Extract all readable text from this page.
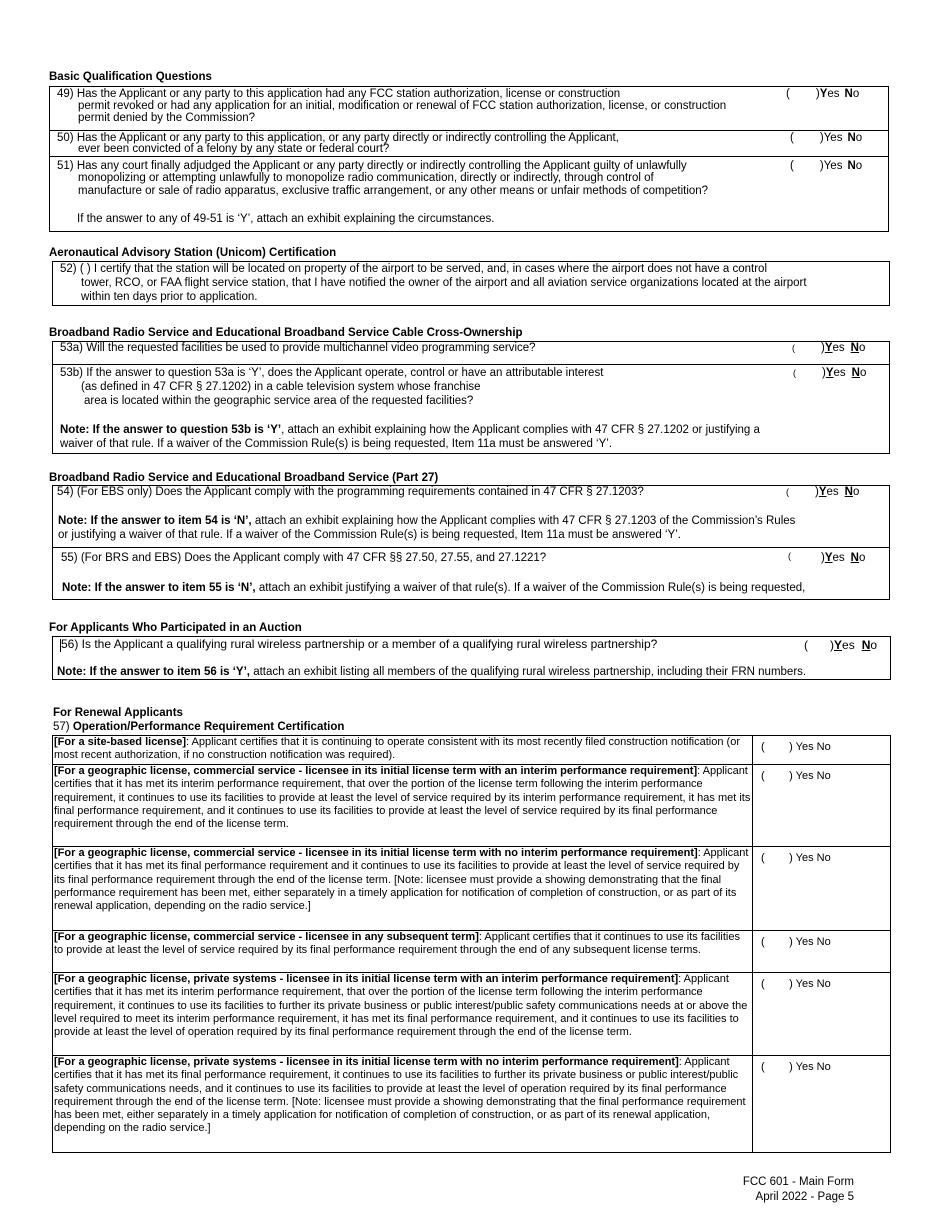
Basic Qualification Questions
49) Has the Applicant or any party to this application had any FCC station authorization, license or construction
permit revoked or had any application for an initial, modification or renewal of FCC station authorization, license, or construction
permit denied by the Commission?
( )Yes No
50) Has the Applicant or any party to this application, or any party directly or indirectly controlling the Applicant,
ever been convicted of a felony by any state or federal court?
( )Yes No
51) Has any court finally adjudged the Applicant or any party directly or indirectly controlling the Applicant guilty of unlawfully
monopolizing or attempting unlawfully to monopolize radio communication, directly or indirectly, through control of
manufacture or sale of radio apparatus, exclusive traffic arrangement, or any other means or unfair methods of competition?
If the answer to any of 49-51 is ‘Y’, attach an exhibit explaining the circumstances.
( )Yes No
Aeronautical Advisory Station (Unicom) Certification
52) ( ) I certify that the station will be located on property of the airport to be served, and, in cases where the airport does not have a control
tower, RCO, or FAA flight service station, that I have notified the owner of the airport and all aviation service organizations located at the airport
within ten days prior to application.
Broadband Radio Service and Educational Broadband Service Cable Cross-Ownership
53a) Will the requested facilities be used to provide multichannel video programming service?	( )Yes No
53b) If the answer to question 53a is ‘Y’, does the Applicant operate, control or have an attributable interest
(as defined in 47 CFR § 27.1202) in a cable television system whose franchise
area is located within the geographic service area of the requested facilities?
( )Yes No
Note: If the answer to question 53b is ‘Y’, attach an exhibit explaining how the Applicant complies with 47 CFR § 27.1202 or justifying a
waiver of that rule. If a waiver of the Commission Rule(s) is being requested, Item 11a must be answered ‘Y’.
Broadband Radio Service and Educational Broadband Service (Part 27)
54) (For EBS only) Does the Applicant comply with the programming requirements contained in 47 CFR § 27.1203?	( )Yes No
Note: If the answer to item 54 is ‘N’, attach an exhibit explaining how the Applicant complies with 47 CFR § 27.1203 of the Commission’s Rules
or justifying a waiver of that rule. If a waiver of the Commission Rule(s) is being requested, Item 11a must be answered ‘Y’.
55) (For BRS and EBS) Does the Applicant comply with 47 CFR §§ 27.50, 27.55, and 27.1221?	(	)Yes No
Note: If the answer to item 55 is ‘N’, attach an exhibit justifying a waiver of that rule(s). If a waiver of the Commission Rule(s) is being requested,
For Applicants Who Participated in an Auction
56) Is the Applicant a qualifying rural wireless partnership or a member of a qualifying rural wireless partnership?	( )Yes No
Note: If the answer to item 56 is ‘Y’, attach an exhibit listing all members of the qualifying rural wireless partnership, including their FRN numbers.
For Renewal Applicants
57) Operation/Performance Requirement Certification
[For a site-based license]: Applicant certifies that it is continuing to operate consistent with its most recently filed construction notification (or most recent authorization, if no construction notification was required).	(        ) Yes No
[For a geographic license, commercial service - licensee in its initial license term with an interim performance requirement]: Applicant certifies that it has met its interim performance requirement, that over the portion of the license term following the interim performance requirement, it continues to use its facilities to provide at least the level of service required by its interim performance requirement, it has met its final performance requirement, and it continues to use its facilities to provide at least the level of service required by its final performance requirement through the end of the license term.	(        ) Yes No
[For a geographic license, commercial service - licensee in its initial license term with no interim performance requirement]: Applicant certifies that it has met its final performance requirement and it continues to use its facilities to provide at least the level of service required by its final performance requirement through the end of the license term. [Note: licensee must provide a showing demonstrating that the final performance requirement has been met, either separately in a timely application for notification of completion of construction, or as part of its renewal application, depending on the radio service.]	(        ) Yes No
[For a geographic license, commercial service - licensee in any subsequent term]: Applicant certifies that it continues to use its facilities to provide at least the level of service required by its final performance requirement through the end of any subsequent license terms.	(        ) Yes No
[For a geographic license, private systems - licensee in its initial license term with an interim performance requirement]: Applicant certifies that it has met its interim performance requirement, that over the portion of the license term following the interim performance requirement, it continues to use its facilities to further its private business or public interest/public safety communications needs at or above the level required to meet its interim performance requirement, it has met its final performance requirement, and it continues to use its facilities to provide at least the level of operation required by its final performance requirement through the end of the license term.	(        ) Yes No
[For a geographic license, private systems - licensee in its initial license term with no interim performance requirement]: Applicant certifies that it has met its final performance requirement, it continues to use its facilities to further its private business or public interest/public safety communications needs, and it continues to use its facilities to provide at least the level of operation required by its final performance requirement through the end of the license term. [Note: licensee must provide a showing demonstrating that the final performance requirement has been met, either separately in a timely application for notification of completion of construction, or as part of its renewal application, depending on the radio service.]	(        ) Yes No
FCC 601 - Main Form
April 2022 - Page 5
